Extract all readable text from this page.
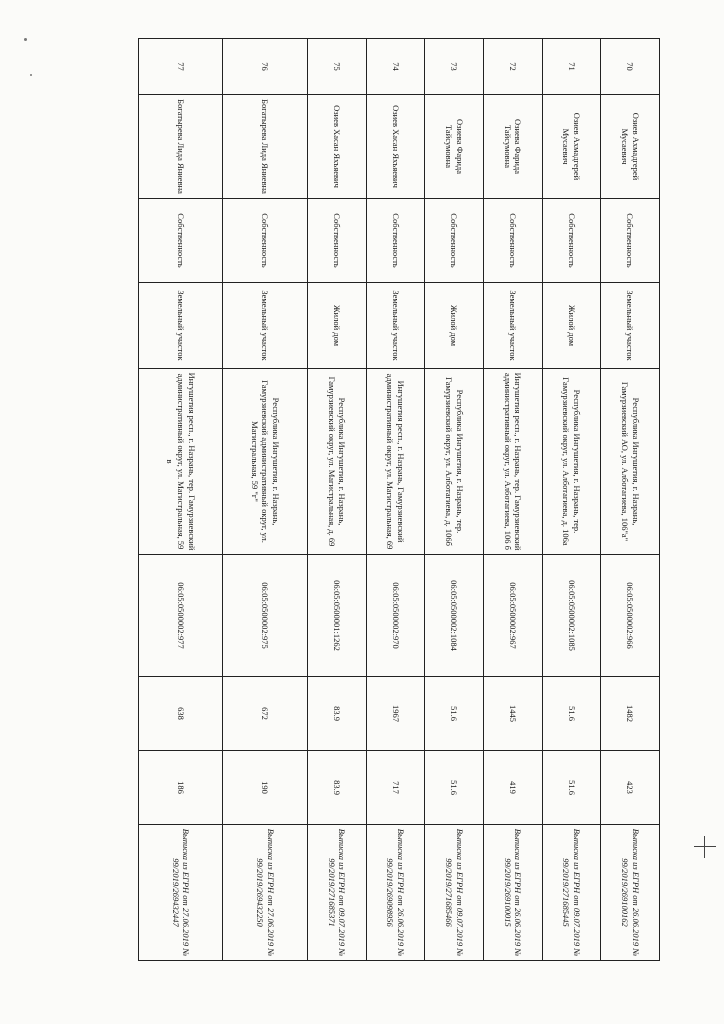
70	Озиев Ахмадгерей Мусаевич	Собственность	Земельный участок	Республика Ингушетия, г. Назрань, Гамурзиевский АО, ул. Алботагиева, 106"а"	06:05:0500002:966	1482	423	Выписка из ЕГРН от 26.06.2019 № 99/2019/269100162
71	Озиев Ахмадгерей Мусаевич	Собственность	Жилой дом	Республика Ингушетия, г. Назрань, тер. Гамурзиевский округ, ул. Алботагиева, д. 106а	06:05:0500002:1085	51.6	51.6	Выписка из ЕГРН от 09.07.2019 № 99/2019/271685445
72	Озиева Фарида Тайсумовна	Собственность	Земельный участок	Ингушетия респ., г. Назрань, тер. Гамурзиевский административный округ, ул. Алботагиева, 106 б	06:05:0500002:967	1445	419	Выписка из ЕГРН от 26.06.2019 № 99/2019/269100015
73	Озиева Фарида Тайсумовна	Собственность	Жилой дом	Республика Ингушетия, г. Назрань, тер. Гамурзиевский округ, ул. Алботагиева, д. 106б	06:05:0500002:1084	51.6	51.6	Выписка из ЕГРН от 09.07.2019 № 99/2019/271685466
74	Озиев Хасан Яхъяевич	Собственность	Земельный участок	Ингушетия респ., г. Назрань, Гамурзиевский административный округ, ул. Магистральная, 69	06:05:0500002:970	1967	717	Выписка из ЕГРН от 26.06.2019 № 99/2019/269098956
75	Озиев Хасан Яхъяевич	Собственность	Жилой дом	Республика Ингушетия, г. Назрань, Гамурзиевский округ, ул. Магистральная, д. 69	06:05:0500001:1262	83.9	83.9	Выписка из ЕГРН от 09.07.2019 № 99/2019/271685371
76	Богатырева Лида Яниевна	Собственность	Земельный участок	Республика Ингушетия, г. Назрань, Гамурзиевский административный округ, ул. Магистральная, 59 "г"	06:05:0500002:975	672	190	Выписка из ЕГРН от 27.06.2019 № 99/2019/269432250
77	Богатырева Лида Яниевна	Собственность	Земельный участок	Ингушетия респ., г. Назрань, тер. Гамурзиевский административный округ, ул. Магистральная, 59 в	06:05:0500002:977	638	186	Выписка из ЕГРН от 27.06.2019 № 99/2019/269432447
